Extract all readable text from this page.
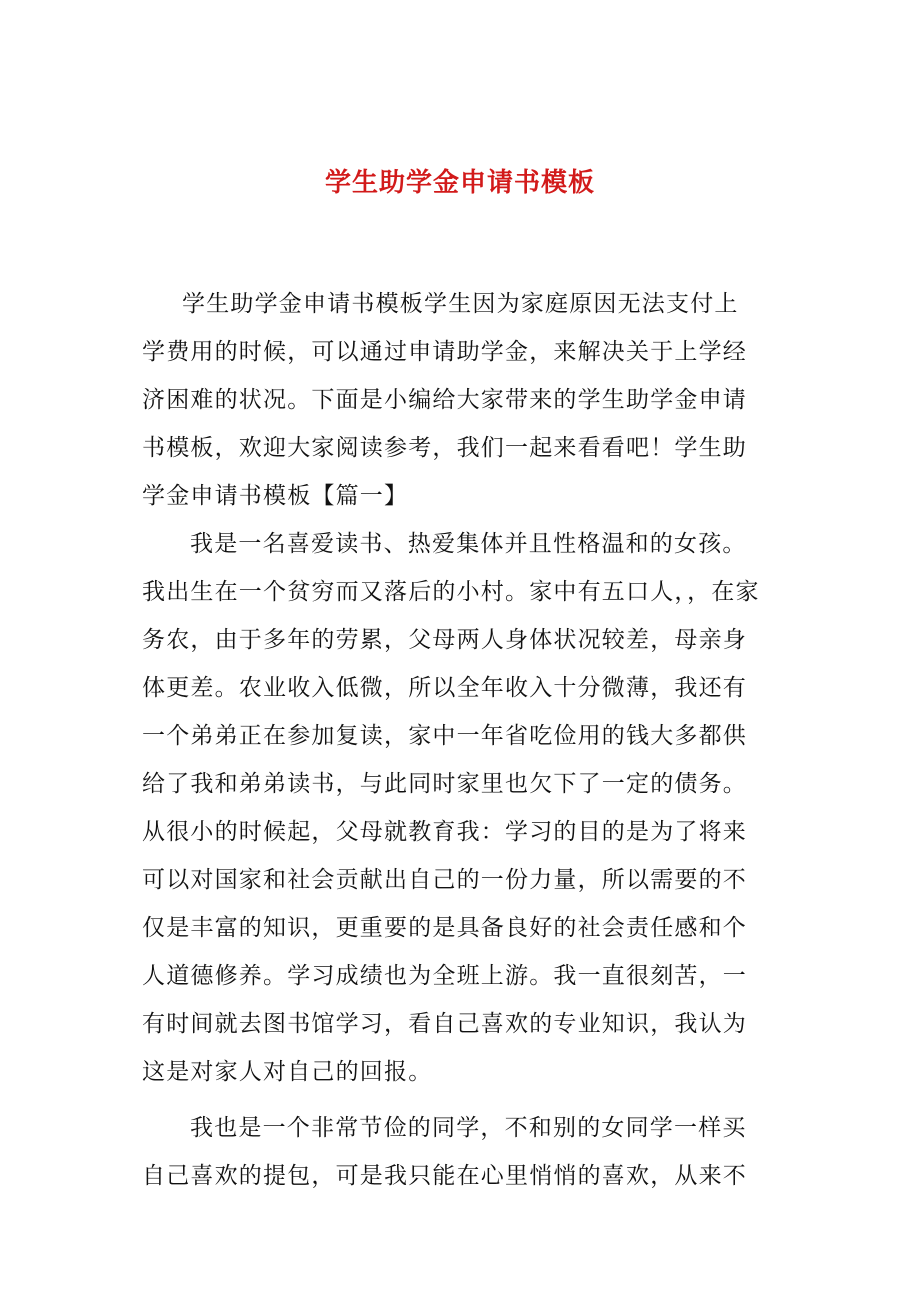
学生助学金申请书模板
学生助学金申请书模板学生因为家庭原因无法支付上
学费用的时候，可以通过申请助学金，来解决关于上学经
济困难的状况。下面是小编给大家带来的学生助学金申请
书模板，欢迎大家阅读参考，我们一起来看看吧！学生助
学金申请书模板【篇一】
我是一名喜爱读书、热爱集体并且性格温和的女孩。
我出生在一个贫穷而又落后的小村。家中有五口人，，在家
务农，由于多年的劳累，父母两人身体状况较差，母亲身
体更差。农业收入低微，所以全年收入十分微薄，我还有
一个弟弟正在参加复读，家中一年省吃俭用的钱大多都供
给了我和弟弟读书，与此同时家里也欠下了一定的债务。
从很小的时候起，父母就教育我：学习的目的是为了将来
可以对国家和社会贡献出自己的一份力量，所以需要的不
仅是丰富的知识，更重要的是具备良好的社会责任感和个
人道德修养。学习成绩也为全班上游。我一直很刻苦，一
有时间就去图书馆学习，看自己喜欢的专业知识，我认为
这是对家人对自己的回报。
我也是一个非常节俭的同学，不和别的女同学一样买
自己喜欢的提包，可是我只能在心里悄悄的喜欢，从来不
